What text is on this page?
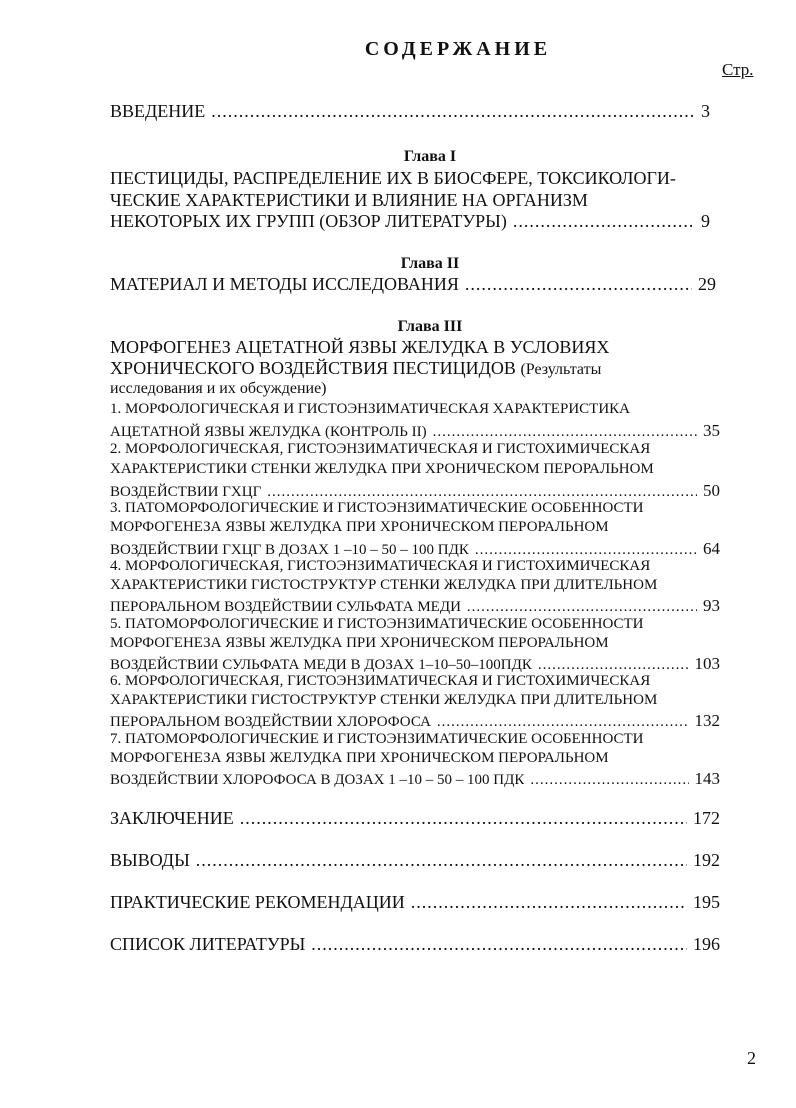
СОДЕРЖАНИЕ
Стр.
ВВЕДЕНИЕ .....	3
Глава I
ПЕСТИЦИДЫ, РАСПРЕДЕЛЕНИЕ ИХ В БИОСФЕРЕ, ТОКСИКОЛОГИ-
ЧЕСКИЕ ХАРАКТЕРИСТИКИ И ВЛИЯНИЕ НА ОРГАНИЗМ
НЕКОТОРЫХ ИХ ГРУПП (ОБЗОР ЛИТЕРАТУРЫ) .....	9
Глава II
МАТЕРИАЛ И МЕТОДЫ ИССЛЕДОВАНИЯ .....	29
Глава III
МОРФОГЕНЕЗ АЦЕТАТНОЙ ЯЗВЫ ЖЕЛУДКА В УСЛОВИЯХ
ХРОНИЧЕСКОГО ВОЗДЕЙСТВИЯ ПЕСТИЦИДОВ (Результаты
исследования и их обсуждение)
1. МОРФОЛОГИЧЕСКАЯ И ГИСТОЭНЗИМАТИЧЕСКАЯ ХАРАКТЕРИСТИКА
АЦЕТАТНОЙ ЯЗВЫ ЖЕЛУДКА (КОНТРОЛЬ II) .....	35
2. МОРФОЛОГИЧЕСКАЯ, ГИСТОЭНЗИМАТИЧЕСКАЯ И ГИСТОХИМИЧЕСКАЯ
ХАРАКТЕРИСТИКИ СТЕНКИ ЖЕЛУДКА ПРИ ХРОНИЧЕСКОМ ПЕРОРАЛЬНОМ
ВОЗДЕЙСТВИИ ГХЦГ .....	50
3. ПАТОМОРФОЛОГИЧЕСКИЕ И ГИСТОЭНЗИМАТИЧЕСКИЕ ОСОБЕННОСТИ
МОРФОГЕНЕЗА ЯЗВЫ ЖЕЛУДКА ПРИ ХРОНИЧЕСКОМ ПЕРОРАЛЬНОМ
ВОЗДЕЙСТВИИ ГХЦГ В ДОЗАХ 1 –10 – 50 – 100 ПДК .....	64
4. МОРФОЛОГИЧЕСКАЯ, ГИСТОЭНЗИМАТИЧЕСКАЯ И ГИСТОХИМИЧЕСКАЯ
ХАРАКТЕРИСТИКИ ГИСТОСТРУКТУР СТЕНКИ ЖЕЛУДКА ПРИ ДЛИТЕЛЬНОМ
ПЕРОРАЛЬНОМ ВОЗДЕЙСТВИИ СУЛЬФАТА МЕДИ .....	93
5. ПАТОМОРФОЛОГИЧЕСКИЕ И ГИСТОЭНЗИМАТИЧЕСКИЕ ОСОБЕННОСТИ
МОРФОГЕНЕЗА ЯЗВЫ ЖЕЛУДКА ПРИ ХРОНИЧЕСКОМ ПЕРОРАЛЬНОМ
ВОЗДЕЙСТВИИ СУЛЬФАТА МЕДИ В ДОЗАХ 1–10–50–100ПДК .....	103
6. МОРФОЛОГИЧЕСКАЯ, ГИСТОЭНЗИМАТИЧЕСКАЯ И ГИСТОХИМИЧЕСКАЯ
ХАРАКТЕРИСТИКИ ГИСТОСТРУКТУР СТЕНКИ ЖЕЛУДКА ПРИ ДЛИТЕЛЬНОМ
ПЕРОРАЛЬНОМ ВОЗДЕЙСТВИИ ХЛОРОФОСА .....	132
7. ПАТОМОРФОЛОГИЧЕСКИЕ И ГИСТОЭНЗИМАТИЧЕСКИЕ ОСОБЕННОСТИ
МОРФОГЕНЕЗА ЯЗВЫ ЖЕЛУДКА ПРИ ХРОНИЧЕСКОМ ПЕРОРАЛЬНОМ
ВОЗДЕЙСТВИИ ХЛОРОФОСА В ДОЗАХ 1 –10 – 50 – 100 ПДК .....	143
ЗАКЛЮЧЕНИЕ .....	172
ВЫВОДЫ .....	192
ПРАКТИЧЕСКИЕ РЕКОМЕНДАЦИИ .....	195
СПИСОК ЛИТЕРАТУРЫ .....	196
2
